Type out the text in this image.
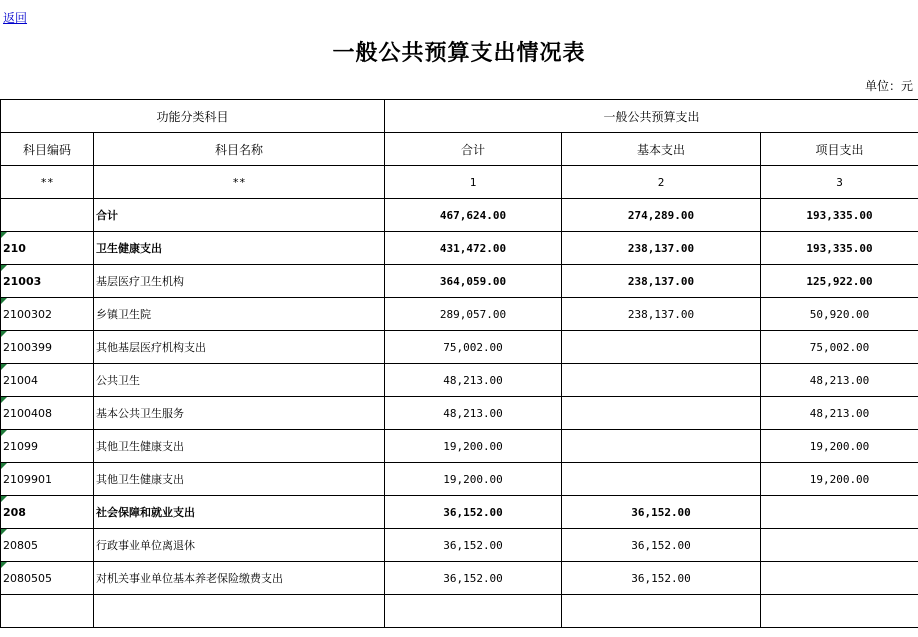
返回
一般公共预算支出情况表
单位：元
功能分类科目		一般公共预算支出		
科目编码	科目名称	合计	基本支出	项目支出
**	**	1	2	3
	合计	467,624.00	274,289.00	193,335.00
210	卫生健康支出	431,472.00	238,137.00	193,335.00
21003	基层医疗卫生机构	364,059.00	238,137.00	125,922.00
2100302	乡镇卫生院	289,057.00	238,137.00	50,920.00
2100399	其他基层医疗机构支出	75,002.00		75,002.00
21004	公共卫生	48,213.00		48,213.00
2100408	基本公共卫生服务	48,213.00		48,213.00
21099	其他卫生健康支出	19,200.00		19,200.00
2109901	其他卫生健康支出	19,200.00		19,200.00
208	社会保障和就业支出	36,152.00	36,152.00	
20805	行政事业单位离退休	36,152.00	36,152.00	
2080505	对机关事业单位基本养老保险缴费支出	36,152.00	36,152.00	
